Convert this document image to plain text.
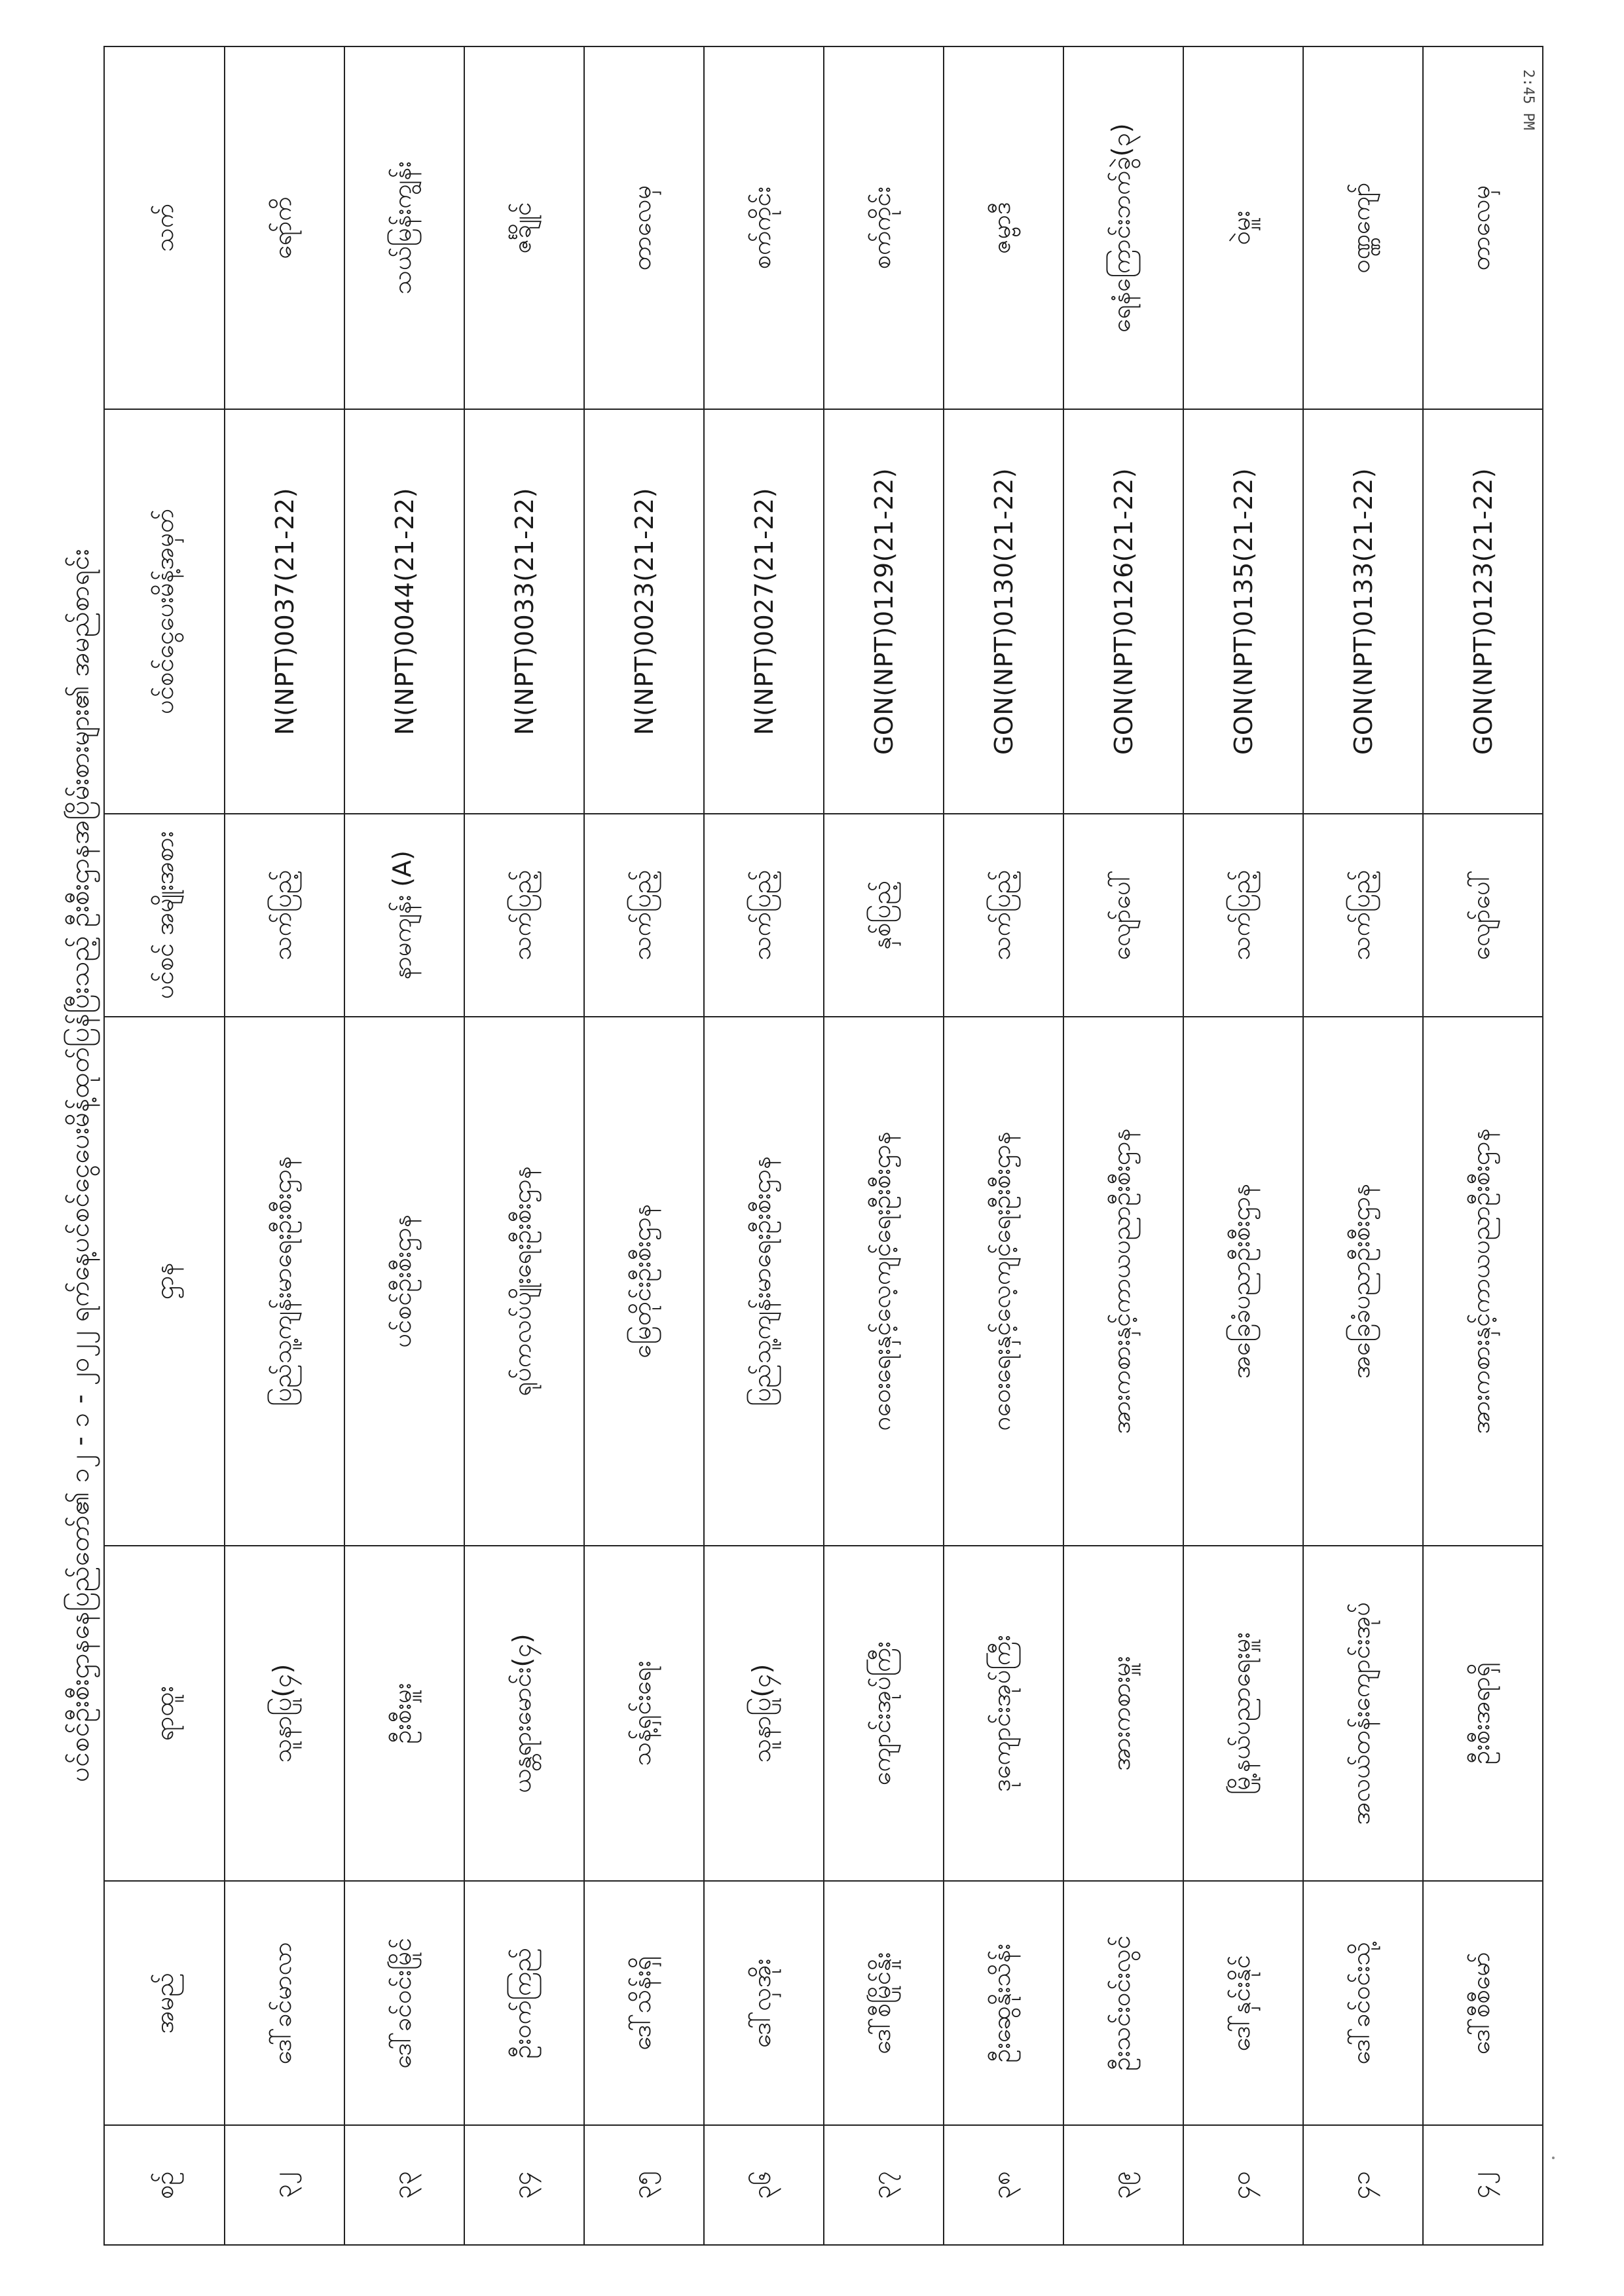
ပင်စင်ဦးစီးဌာနနေပြည်တော်၏ ၁၂ - ၁ - ၂၀၂၂ ရက်နေ့ပင်စင်ငွေပေးမိန့်ထုတ်ပြန်ပြီးသည့် ဦးစီးဌာနအပြိမ်းစားများ၏ အမည်စာရင်း
စဉ်	အမည်	ရာထူး	ဌာန	ပင်စင် အမျိုးအစား	ပင်စင်ငွေပေးမိန့်အမှတ်	သက်
၃၂	ဒေါ်ခင်မာလာ	သူနာပြု(၄)	ပြည်သူ့ကျန်းမာရေးဦးစီးဌာန	သက်ပြည့်	N(NPT)0037(21-22)	ရော်ကိ
၃၃	ဒေါ်ခင်ဝင်းမြိုင်	ဦးစီးမှူး	ပင်စင်ဦးစီးဌာန	နာမကျန်း (A)	N(NPT)0044(21-22)	သယ်မြန်းကျွန်း
၃၄	ဦးဝက်ကြည်	ယန္တရားမောင်း(၄)	ရုပ်ကလပ်ပျိုးရေးဦးစီးဌာန	သက်ပြည့်	N(NPT)0033(21-22)	ဇင်္ချိုင်
၃၅	ဒေါ်သိန်းရှိ	သန့်ရှင်းရေး	မြေတိုင်းဦးစီးဌာန	သက်ပြည့်	N(NPT)0023(21-22)	တာလေမှ
၃၆	ဒေါ်လှအိုး	သူနာပြု(၄)	ပြည်သူ့ကျန်းမာရေးဦးစီးဌာန	သက်ပြည့်	N(NPT)0027(21-22)	စက်ကိုင်း
၃၇	ဒေါ်စီမြိုင်နှိုး	ကျောင်းအုပ်ကြီး	ဂဝေးရေးနှင့်လေ့ကျင့်ရေးဦးစီးဌာန	နှစ်ပြည့်	GON(NPT)0129(21-22)	စက်ကိုင်း
၃၈	ဦးဆွေနိုးသိန်း	ဒုကျောင်းအုပ်ကြီး	ဂဝေးရေးနှင့်လေ့ကျင့်ရေးဦးစီးဌာန	သက်ပြည့်	GON(NPT)0130(21-22)	ဇမ္ဗာဒီ
၃၉	ဦးသင်းဝင်းလွင်	အားကစားမှူး	အားကစားနှင့်ကာယပညာဦးစီးဌာန	လျော်ပေါ်	GON(NPT)0126(21-22)	ရေနံကြောင်းဘက်ခွဲ(၃)
၄၀	ဒေါ်နှင်းနိုင်	မြို့နယ်ပညာရေးမှူး	အခြေခံပညာဦးစီးဌာန	သက်ပြည့်	GON(NPT)0135(21-22)	ဝဲမှူး
၄၁	ဒေါ်ခင်ဝင်းသို့	အလယ်တန်းကျောင်းအုပ်	အခြေခံပညာဦးစီးဌာန	သက်ပြည့်	GON(NPT)0133(21-22)	ဝဏ္ဏကျော်
၄၂	ဒေါ်စီစီမော်	ဦးစီးအရာရှိ	အားကစားနှင့်ကာယပညာဦးစီးဌာန	လျော်ပေါ်	GON(NPT)0123(21-22)	တာလေမှ
2:45 PM
